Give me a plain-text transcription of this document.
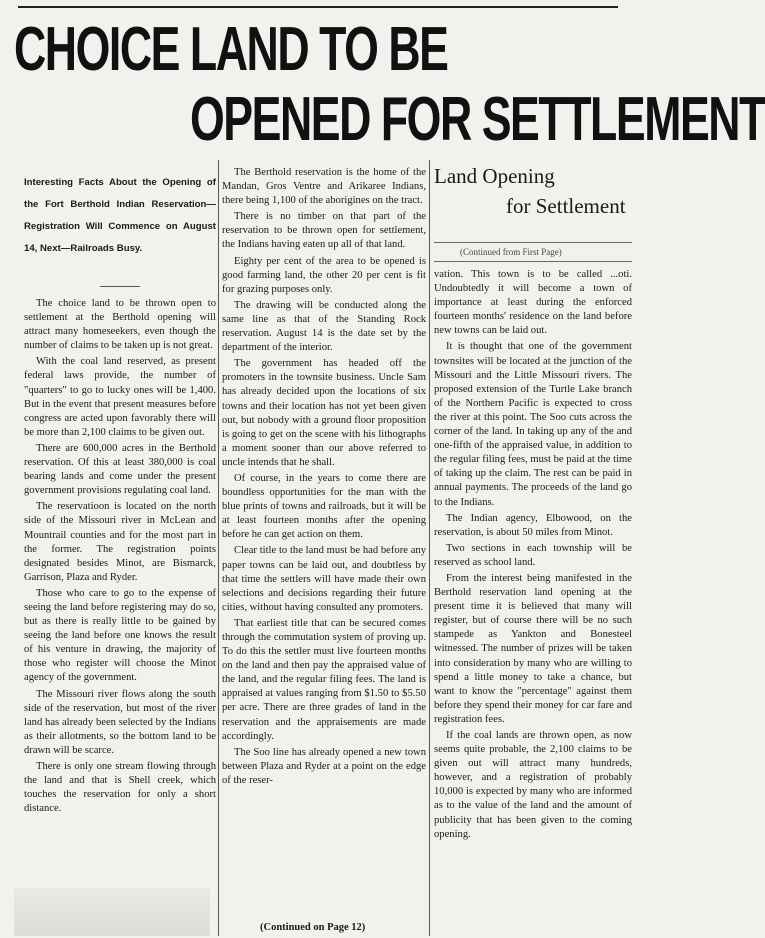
CHOICE LAND TO BE
OPENED FOR SETTLEMENT
Interesting Facts About the Opening of the Fort Berthold Indian Reservation—Registration Will Commence on August 14, Next—Railroads Busy.

The choice land to be thrown open to settlement at the Berthold opening will attract many homeseekers, even though the number of claims to be taken up is not great.

With the coal land reserved, as present federal laws provide, the number of "quarters" to go to lucky ones will be 1,400. But in the event that present measures before congress are acted upon favorably there will be more than 2,100 claims to be given out.

There are 600,000 acres in the Berthold reservation. Of this at least 380,000 is coal bearing lands and come under the present government provisions regulating coal land.

The reservatioon is located on the north side of the Missouri river in McLean and Mountrail counties and for the most part in the former. The registration points designated besides Minot, are Bismarck, Garrison, Plaza and Ryder.

Those who care to go to the expense of seeing the land before registering may do so, but as there is really little to be gained by seeing the land before one knows the result of his venture in drawing, the majority of those who register will choose the Minot agency of the government.

The Missouri river flows along the south side of the reservation, but most of the river land has already been selected by the Indians as their allotments, so the bottom land to be drawn will be scarce.

There is only one stream flowing through the land and that is Shell creek, which touches the reservation for only a short distance.

The Berthold reservation is the home of the Mandan, Gros Ventre and Arikaree Indians, there being 1,100 of the aborigines on the tract.

There is no timber on that part of the reservation to be thrown open for settlement, the Indians having eaten up all of that land.

Eighty per cent of the area to be opened is good farming land, the other 20 per cent is fit for grazing purposes only.

The drawing will be conducted along the same line as that of the Standing Rock reservation. August 14 is the date set by the department of the interior.

The government has headed off the promoters in the townsite business. Uncle Sam has already decided upon the locations of six towns and their location has not yet been given out, but nobody with a ground floor proposition is going to get on the scene with his lithographs a moment sooner than our above referred to uncle intends that he shall.

Of course, in the years to come there are boundless opportunities for the man with the blue prints of towns and railroads, but it will be at least fourteen months after the opening before he can get action on them.

Clear title to the land must be had before any paper towns can be laid out, and doubtless by that time the settlers will have made their own selections and decisions regarding their future cities, without having consulted any promoters.

That earliest title that can be secured comes through the commutation system of proving up. To do this the settler must live fourteen months on the land and then pay the appraised value of the land, and the regular filing fees. The land is appraised at values ranging from $1.50 to $5.50 per acre. There are three grades of land in the reservation and the appraisements are made accordingly.

The Soo line has already opened a new town between Plaza and Ryder at a point on the edge of the reser-

(Continued on Page 12)
Land Opening
for Settlement
(Continued from First Page)

vation. This town is to be called ...oti. Undoubtedly it will become a town of importance at least during the enforced fourteen months' residence on the land before new towns can be laid out.

It is thought that one of the government townsites will be located at the junction of the Missouri and the Little Missouri rivers. The proposed extension of the Turtle Lake branch of the Northern Pacific is expected to cross the river at this point. The Soo cuts across the corner of the land. In taking up any of the and one-fifth of the appraised value, in addition to the regular filing fees, must be paid at the time of taking up the claim. The rest can be paid in annual payments. The proceeds of the land go to the Indians.

The Indian agency, Elbowood, on the reservation, is about 50 miles from Minot.

Two sections in each township will be reserved as school land.

From the interest being manifested in the Berthold reservation land opening at the present time it is believed that many will register, but of course there will be no such stampede as Yankton and Bonesteel witnessed. The number of prizes will be taken into consideration by many who are willing to spend a little money to take a chance, but want to know the "percentage" against them before they spend their money for car fare and registration fees.

If the coal lands are thrown open, as now seems quite probable, the 2,100 claims to be given out will attract many hundreds, however, and a registration of probably 10,000 is expected by many who are informed as to the value of the land and the amount of publicity that has been given to the coming opening.
